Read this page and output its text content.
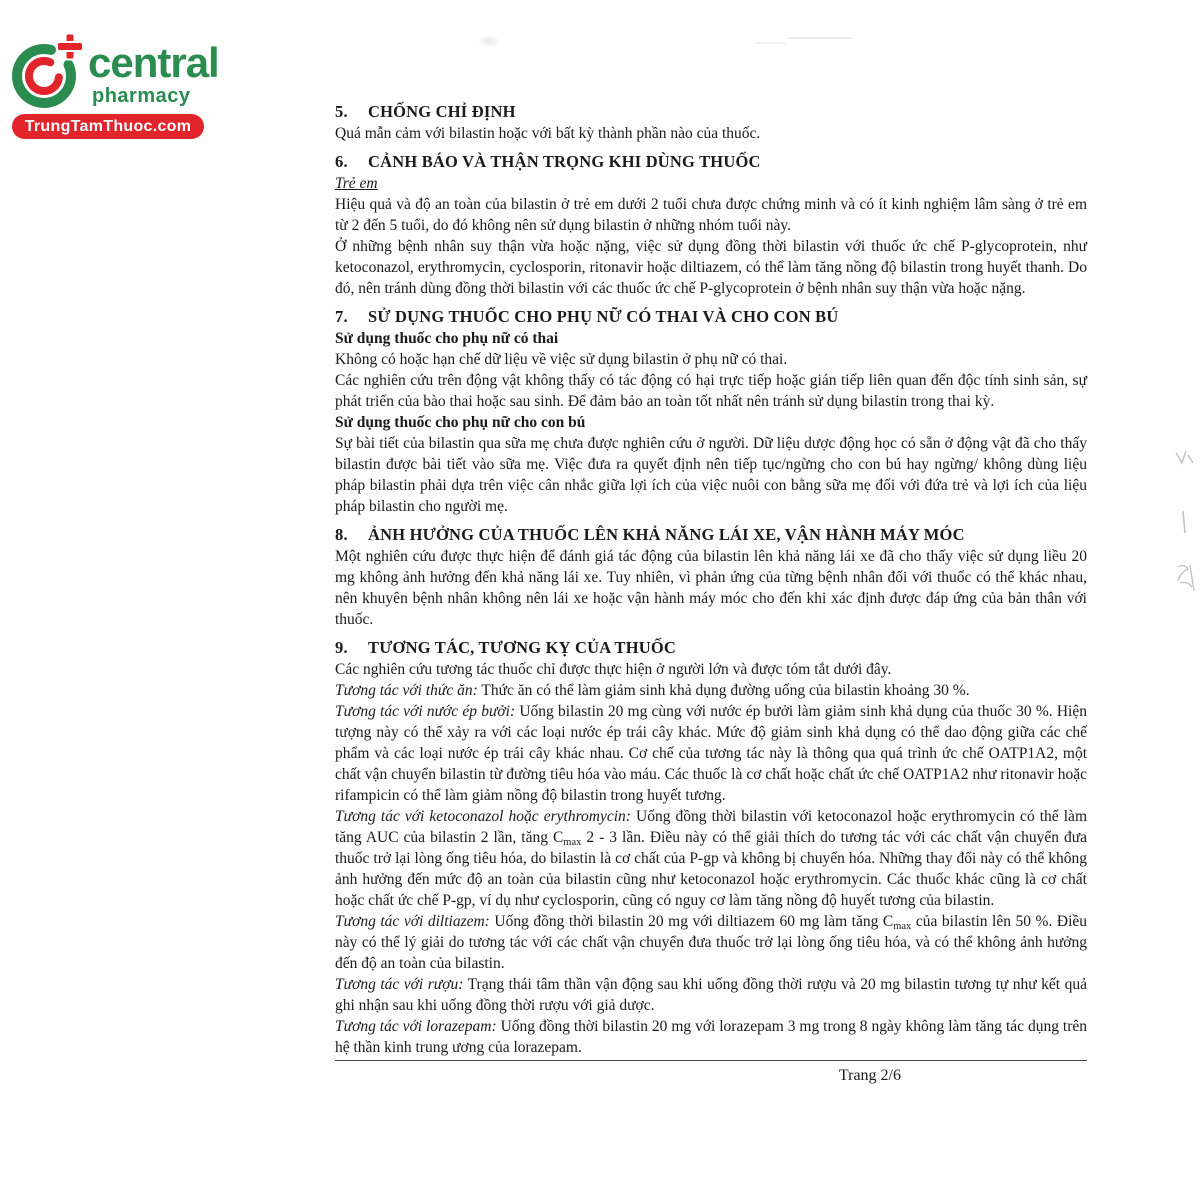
central
pharmacy
TrungTamThuoc.com
5.	CHỐNG CHỈ ĐỊNH

Quá mẫn cảm với bilastin hoặc với bất kỳ thành phần nào của thuốc.

6.	CẢNH BÁO VÀ THẬN TRỌNG KHI DÙNG THUỐC
Trẻ em

Hiệu quả và độ an toàn của bilastin ở trẻ em dưới 2 tuổi chưa được chứng minh và có ít kinh nghiệm lâm sàng ở trẻ em từ 2 đến 5 tuổi, do đó không nên sử dụng bilastin ở những nhóm tuổi này.

Ở những bệnh nhân suy thận vừa hoặc nặng, việc sử dụng đồng thời bilastin với thuốc ức chế P-glycoprotein, như ketoconazol, erythromycin, cyclosporin, ritonavir hoặc diltiazem, có thể làm tăng nồng độ bilastin trong huyết thanh. Do đó, nên tránh dùng đồng thời bilastin với các thuốc ức chế P-glycoprotein ở bệnh nhân suy thận vừa hoặc nặng.

7.	SỬ DỤNG THUỐC CHO PHỤ NỮ CÓ THAI VÀ CHO CON BÚ
Sử dụng thuốc cho phụ nữ có thai

Không có hoặc hạn chế dữ liệu về việc sử dụng bilastin ở phụ nữ có thai.

Các nghiên cứu trên động vật không thấy có tác động có hại trực tiếp hoặc gián tiếp liên quan đến độc tính sinh sản, sự phát triển của bào thai hoặc sau sinh. Để đảm bảo an toàn tốt nhất nên tránh sử dụng bilastin trong thai kỳ.

Sử dụng thuốc cho phụ nữ cho con bú

Sự bài tiết của bilastin qua sữa mẹ chưa được nghiên cứu ở người. Dữ liệu dược động học có sẵn ở động vật đã cho thấy bilastin được bài tiết vào sữa mẹ. Việc đưa ra quyết định nên tiếp tục/ngừng cho con bú hay ngừng/ không dùng liệu pháp bilastin phải dựa trên việc cân nhắc giữa lợi ích của việc nuôi con bằng sữa mẹ đối với đứa trẻ và lợi ích của liệu pháp bilastin cho người mẹ.

8.	ẢNH HƯỞNG CỦA THUỐC LÊN KHẢ NĂNG LÁI XE, VẬN HÀNH MÁY MÓC

Một nghiên cứu được thực hiện để đánh giá tác động của bilastin lên khả năng lái xe đã cho thấy việc sử dụng liều 20 mg không ảnh hưởng đến khả năng lái xe. Tuy nhiên, vì phản ứng của từng bệnh nhân đối với thuốc có thể khác nhau, nên khuyên bệnh nhân không nên lái xe hoặc vận hành máy móc cho đến khi xác định được đáp ứng của bản thân với thuốc.

9.	TƯƠNG TÁC, TƯƠNG KỴ CỦA THUỐC

Các nghiên cứu tương tác thuốc chỉ được thực hiện ở người lớn và được tóm tắt dưới đây.

Tương tác với thức ăn: Thức ăn có thể làm giảm sinh khả dụng đường uống của bilastin khoảng 30 %.

Tương tác với nước ép bưởi: Uống bilastin 20 mg cùng với nước ép bưởi làm giảm sinh khả dụng của thuốc 30 %. Hiện tượng này có thể xảy ra với các loại nước ép trái cây khác. Mức độ giảm sinh khả dụng có thể dao động giữa các chế phẩm và các loại nước ép trái cây khác nhau. Cơ chế của tương tác này là thông qua quá trình ức chế OATP1A2, một chất vận chuyển bilastin từ đường tiêu hóa vào máu. Các thuốc là cơ chất hoặc chất ức chế OATP1A2 như ritonavir hoặc rifampicin có thể làm giảm nồng độ bilastin trong huyết tương.

Tương tác với ketoconazol hoặc erythromycin: Uống đồng thời bilastin với ketoconazol hoặc erythromycin có thể làm tăng AUC của bilastin 2 lần, tăng Cmax 2 - 3 lần. Điều này có thể giải thích do tương tác với các chất vận chuyển đưa thuốc trở lại lòng ống tiêu hóa, do bilastin là cơ chất của P-gp và không bị chuyển hóa. Những thay đổi này có thể không ảnh hưởng đến mức độ an toàn của bilastin cũng như ketoconazol hoặc erythromycin. Các thuốc khác cũng là cơ chất hoặc chất ức chế P-gp, ví dụ như cyclosporin, cũng có nguy cơ làm tăng nồng độ huyết tương của bilastin.

Tương tác với diltiazem: Uống đồng thời bilastin 20 mg với diltiazem 60 mg làm tăng Cmax của bilastin lên 50 %. Điều này có thể lý giải do tương tác với các chất vận chuyển đưa thuốc trở lại lòng ống tiêu hóa, và có thể không ảnh hưởng đến độ an toàn của bilastin.

Tương tác với rượu: Trạng thái tâm thần vận động sau khi uống đồng thời rượu và 20 mg bilastin tương tự như kết quả ghi nhận sau khi uống đồng thời rượu với giả dược.

Tương tác với lorazepam: Uống đồng thời bilastin 20 mg với lorazepam 3 mg trong 8 ngày không làm tăng tác dụng trên hệ thần kinh trung ương của lorazepam.

Trang 2/6
